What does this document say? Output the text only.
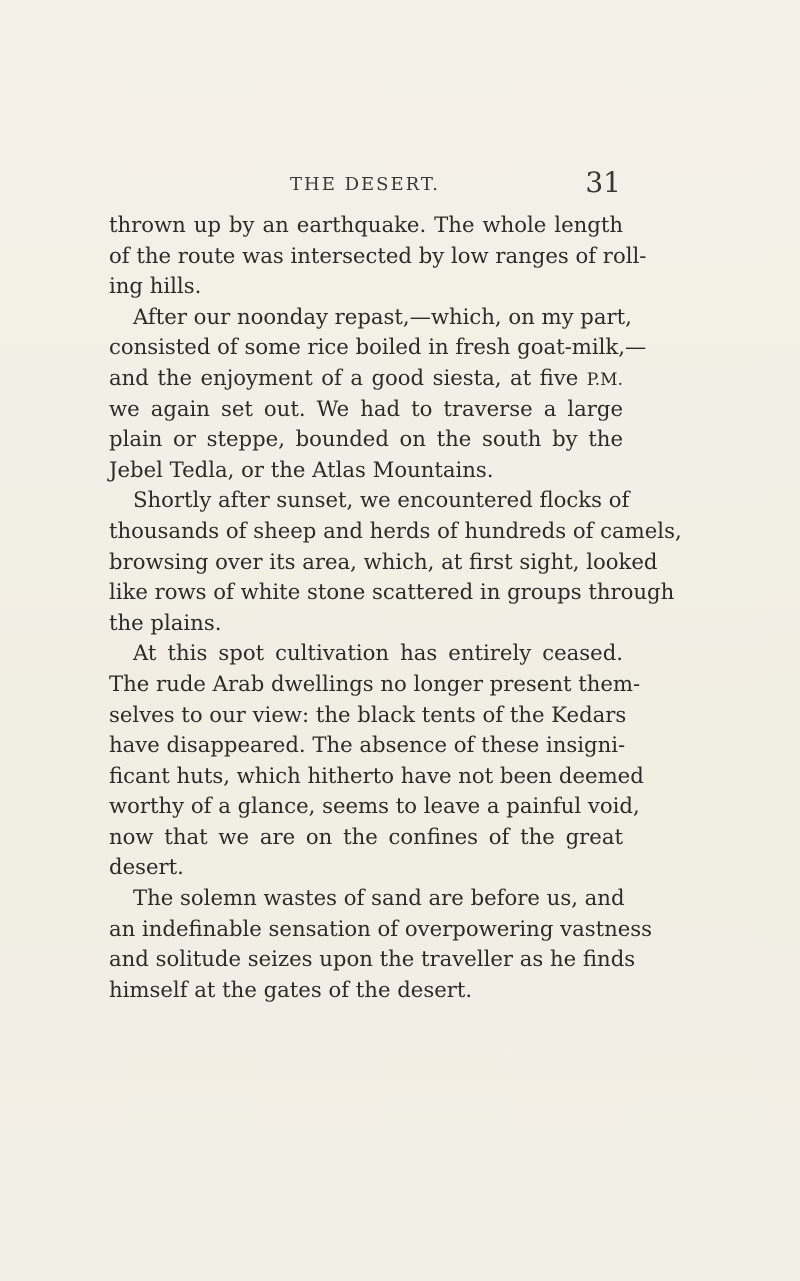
THE DESERT.	31
thrown up by an earthquake. The whole length
of the route was intersected by low ranges of roll-
ing hills.
After our noonday repast,—which, on my part,
consisted of some rice boiled in fresh goat-milk,—
and the enjoyment of a good siesta, at five P.M.
we again set out. We had to traverse a large
plain or steppe, bounded on the south by the
Jebel Tedla, or the Atlas Mountains.
Shortly after sunset, we encountered flocks of
thousands of sheep and herds of hundreds of camels,
browsing over its area, which, at first sight, looked
like rows of white stone scattered in groups through
the plains.
At this spot cultivation has entirely ceased.
The rude Arab dwellings no longer present them-
selves to our view: the black tents of the Kedars
have disappeared. The absence of these insigni-
ficant huts, which hitherto have not been deemed
worthy of a glance, seems to leave a painful void,
now that we are on the confines of the great
desert.
The solemn wastes of sand are before us, and
an indefinable sensation of overpowering vastness
and solitude seizes upon the traveller as he finds
himself at the gates of the desert.
